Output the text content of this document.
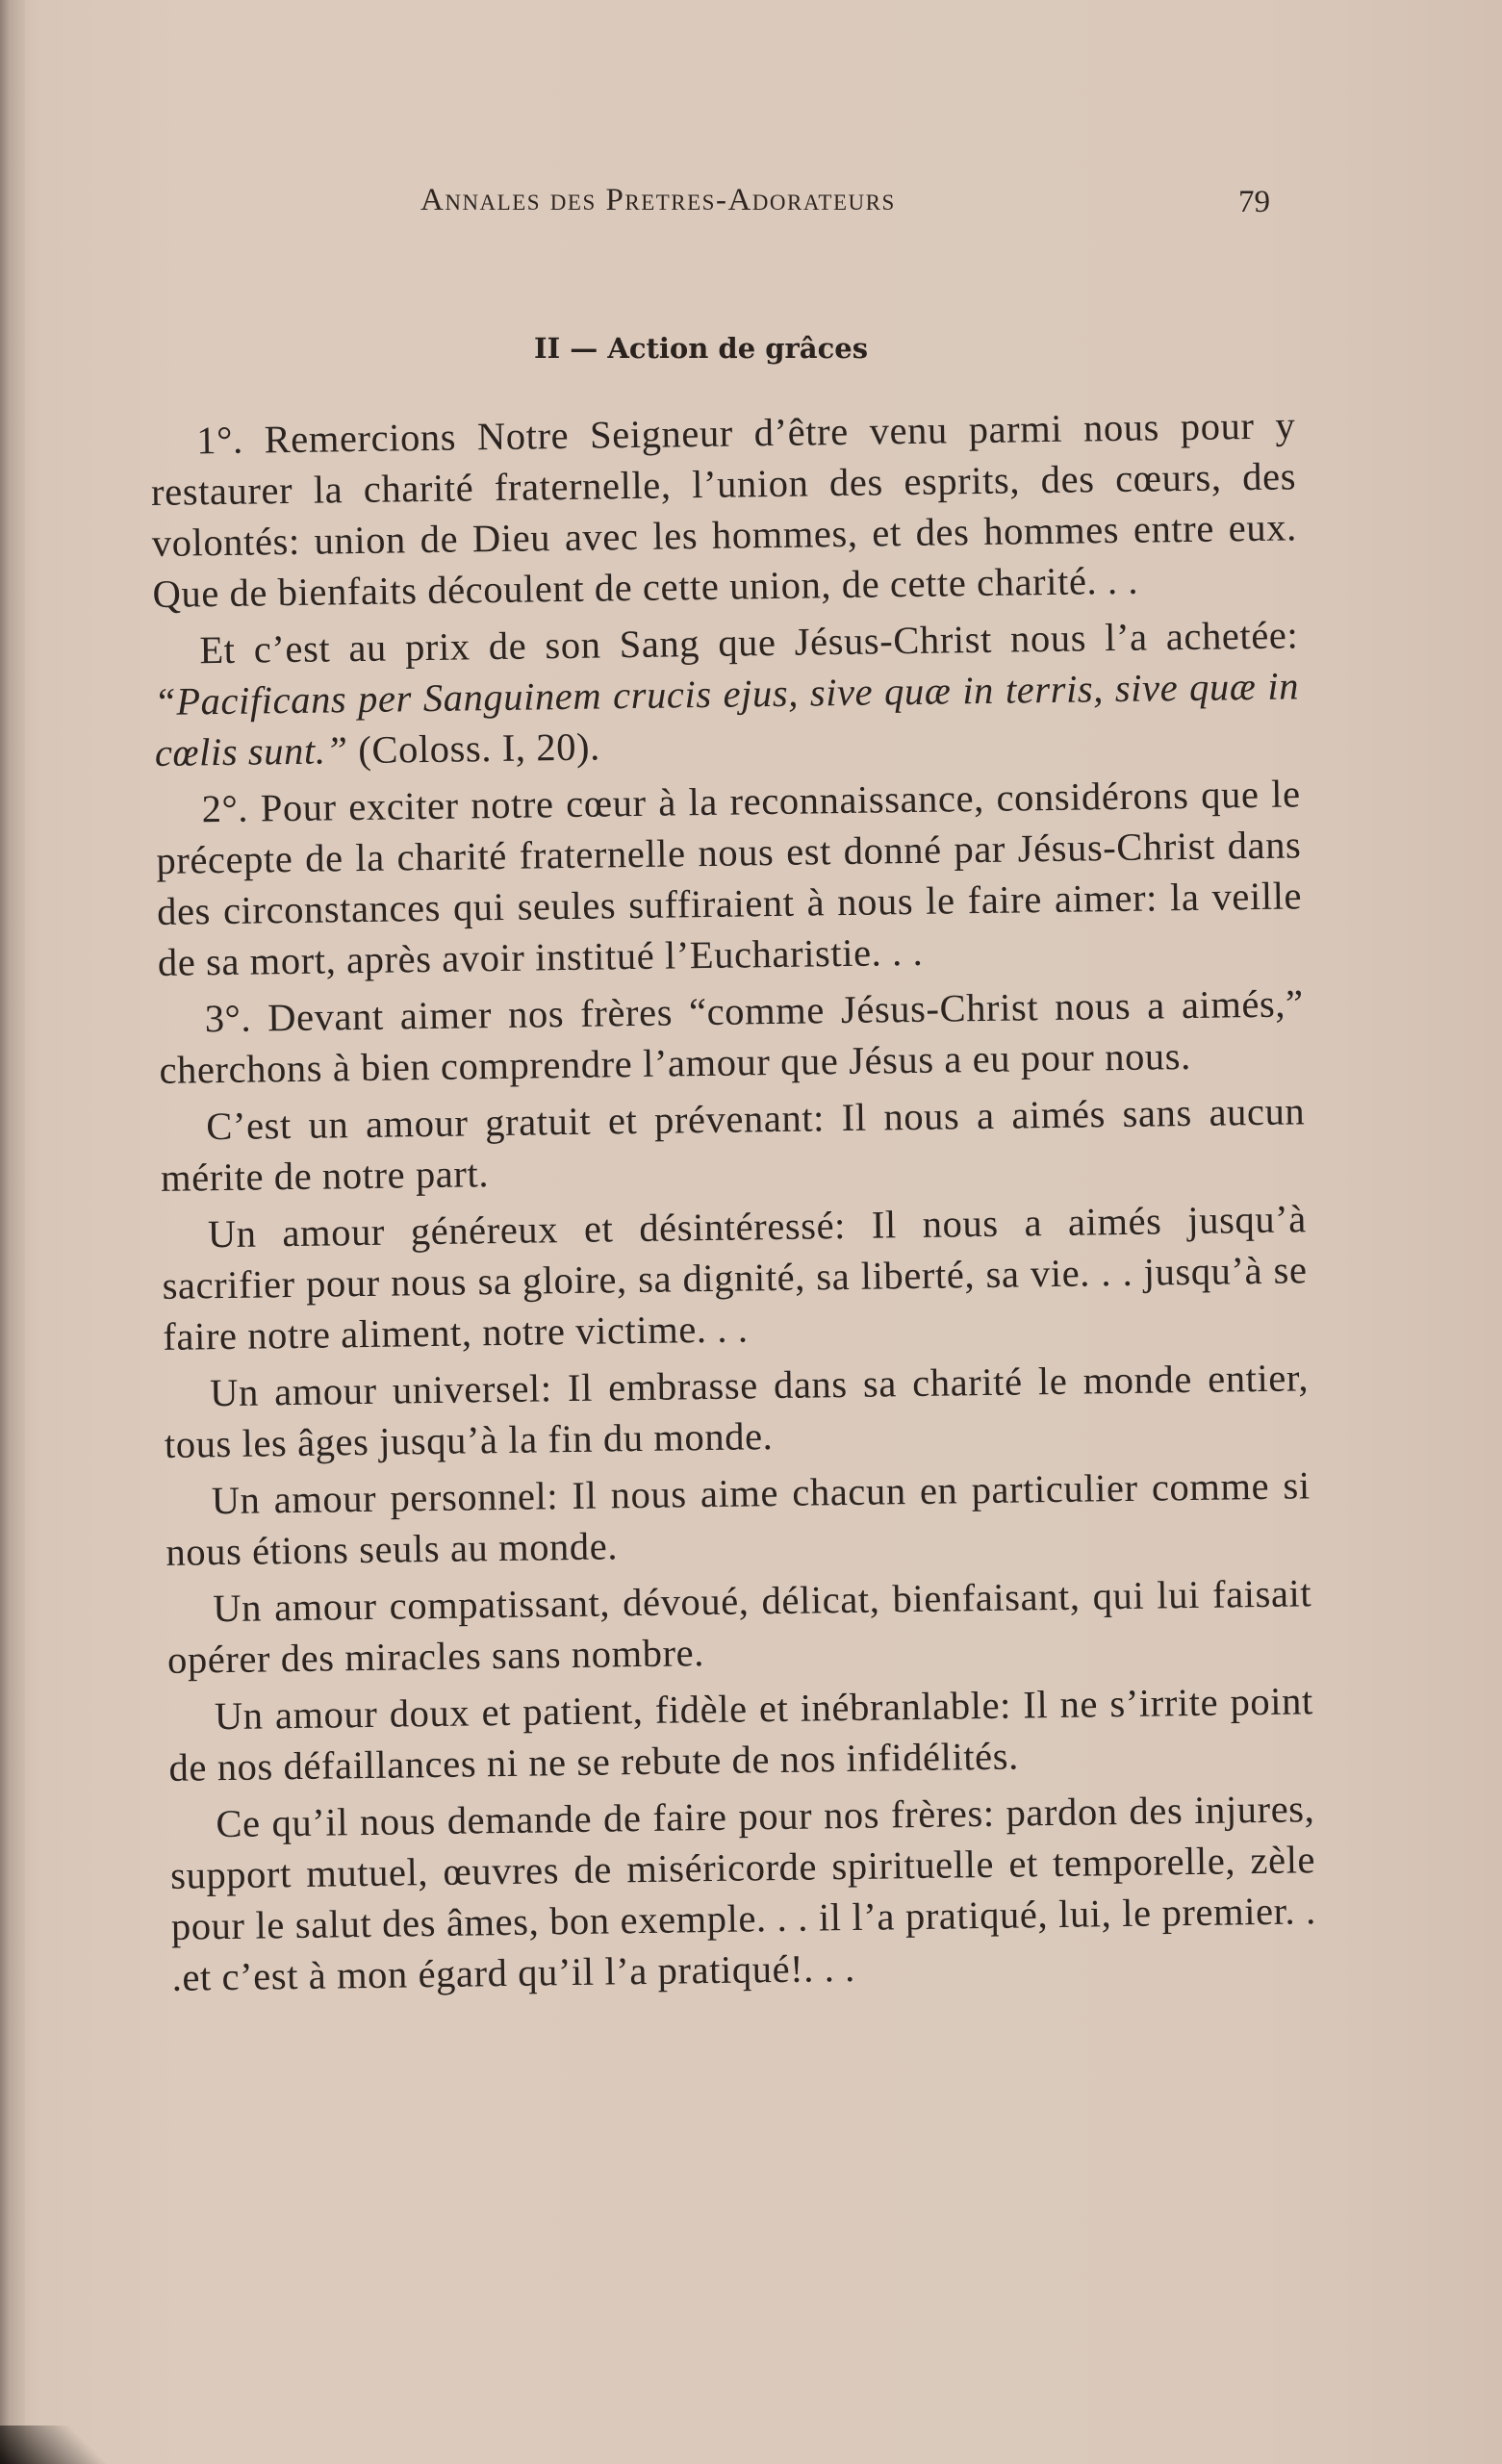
Annales des Pretres-Adorateurs	79
II — Action de grâces

1°. Remercions Notre Seigneur d’être venu parmi nous pour y restaurer la charité fraternelle, l’union des esprits, des cœurs, des volontés: union de Dieu avec les hommes, et des hommes entre eux. Que de bienfaits découlent de cette union, de cette charité. . .

Et c’est au prix de son Sang que Jésus-Christ nous l’a achetée: “Pacificans per Sanguinem crucis ejus, sive quæ in terris, sive quæ in cœlis sunt.” (Coloss. I, 20).

2°. Pour exciter notre cœur à la reconnaissance, considérons que le précepte de la charité fraternelle nous est donné par Jésus-Christ dans des circonstances qui seules suffiraient à nous le faire aimer: la veille de sa mort, après avoir institué l’Eucharistie. . .

3°. Devant aimer nos frères “comme Jésus-Christ nous a aimés,” cherchons à bien comprendre l’amour que Jésus a eu pour nous.

C’est un amour gratuit et prévenant: Il nous a aimés sans aucun mérite de notre part.

Un amour généreux et désintéressé: Il nous a aimés jusqu’à sacrifier pour nous sa gloire, sa dignité, sa liberté, sa vie. . . jusqu’à se faire notre aliment, notre victime. . .

Un amour universel: Il embrasse dans sa charité le monde entier, tous les âges jusqu’à la fin du monde.

Un amour personnel: Il nous aime chacun en particulier comme si nous étions seuls au monde.

Un amour compatissant, dévoué, délicat, bienfaisant, qui lui faisait opérer des miracles sans nombre.

Un amour doux et patient, fidèle et inébranlable: Il ne s’irrite point de nos défaillances ni ne se rebute de nos infidélités.

Ce qu’il nous demande de faire pour nos frères: pardon des injures, support mutuel, œuvres de miséricorde spirituelle et temporelle, zèle pour le salut des âmes, bon exemple. . . il l’a pratiqué, lui, le premier. . .et c’est à mon égard qu’il l’a pratiqué!. . .
